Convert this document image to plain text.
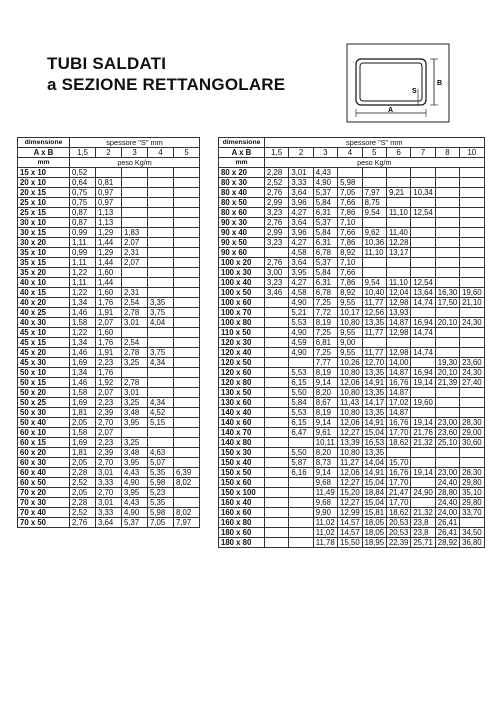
TUBI SALDATI
a SEZIONE RETTANGOLARE	S
B
A
dimensione	spessore "S" mm				
A x B	1,5	2	3	4	5
mm	peso Kg/m				
15 x 10	0,52				
20 x 10	0,64	0,81			
20 x 15	0,75	0,97			
25 x 10	0,75	0,97			
25 x 15	0,87	1,13			
30 x 10	0,87	1,13			
30 x 15	0,99	1,29	1,83		
30 x 20	1,11	1,44	2,07		
35 x 10	0,99	1,29	2,31		
35 x 15	1,11	1,44	2,07		
35 x 20	1,22	1,60			
40 x 10	1,11	1,44			
40 x 15	1,22	1,60	2,31		
40 x 20	1,34	1,76	2,54	3,35	
40 x 25	1,46	1,91	2,78	3,75	
40 x 30	1,58	2,07	3,01	4,04	
45 x 10	1,22	1,60			
45 x 15	1,34	1,76	2,54		
45 x 20	1,46	1,91	2,78	3,75	
45 x 30	1,69	2,23	3,25	4,34	
50 x 10	1,34	1,76			
50 x 15	1,46	1,92	2,78		
50 x 20	1,58	2,07	3,01		
50 x 25	1,69	2,23	3,25	4,34	
50 x 30	1,81	2,39	3,48	4,52	
50 x 40	2,05	2,70	3,95	5,15	
60 x 10	1,58	2,07			
60 x 15	1,69	2,23	3,25		
60 x 20	1,81	2,39	3,48	4,63	
60 x 30	2,05	2,70	3,95	5,07	
60 x 40	2,28	3,01	4,43	5,35	6,39
60 x 50	2,52	3,33	4,90	5,98	8,02
70 x 20	2,05	2,70	3,95	5,23	
70 x 30	2,28	3,01	4,43	5,35	
70 x 40	2,52	3,33	4,90	5,98	8,02
70 x 50	2,76	3,64	5,37	7,05	7,97
dimensione	spessore "S" mm								
A x B	1,5	2	3	4	5	6	7	8	10
mm	peso Kg/m								
80 x 20	2,28	3,01	4,43						
80 x 30	2,52	3,33	4,90	5,98					
80 x 40	2,76	3,64	5,37	7,05	7,97	9,21	10,34		
80 x 50	2,99	3,96	5,84	7,66	8,75				
80 x 60	3,23	4,27	6,31	7,86	9,54	11,10	12,54		
90 x 30	2,76	3,64	5,37	7,10					
90 x 40	2,99	3,96	5,84	7,66	9,62	11,40			
90 x 50	3,23	4,27	6,31	7,86	10,36	12,28			
90 x 60		4,58	6,78	8,92	11,10	13,17			
100 x 20	2,76	3,64	5,37	7,10					
100 x 30	3,00	3,95	5,84	7,66					
100 x 40	3,23	4,27	6,31	7,86	9,54	11,10	12,54		
100 x 50	3,46	4,58	6,78	8,92	10,40	12,04	13,64	16,30	19,60
100 x 60		4,90	7,25	9,55	11,77	12,98	14,74	17,50	21,10
100 x 70		5,21	7,72	10,17	12,56	13,93			
100 x 80		5,53	8,19	10,80	13,35	14,87	16,94	20,10	24,30
110 x 50		4,90	7,25	9,55	11,77	12,98	14,74		
120 x 30		4,59	6,81	9,00					
120 x 40		4,90	7,25	9,55	11,77	12,98	14,74		
120 x 50			7,77	10,26	12,70	14,00		19,30	23,60
120 x 60		5,53	8,19	10,80	13,35	14,87	16,94	20,10	24,30
120 x 80		6,15	9,14	12,06	14,91	16,76	19,14	21,39	27,40
130 x 50		5,50	8,20	10,80	13,35	14,87			
130 x 60		5,84	8,67	11,43	14,17	17,02	19,60		
140 x 40		5,53	8,19	10,80	13,35	14,87			
140 x 60		6,15	9,14	12,06	14,91	16,76	19,14	23,00	28,30
140 x 70		6,47	9,61	12,27	15,04	17,70	21,76	23,60	29,00
140 x 80			10,11	13,39	16,53	18,62	21,32	25,10	30,60
150 x 30		5,50	8,20	10,80	13,35				
150 x 40		5,87	8,73	11,27	14,04	15,70			
150 x 50		6,16	9,14	12,06	14,91	16,76	19,14	23,00	28,30
150 x 60			9,68	12,27	15,04	17,70		24,40	29,80
150 x 100			11,49	15,20	18,84	21,47	24,90	28,80	35,10
160 x 40			9,68	12,27	15,04	17,70		24,40	29,80
160 x 60			9,90	12,99	15,81	18,62	21,32	24,00	33,70
160 x 80			11,02	14,57	18,05	20,53	23,8	26,41	
180 x 60			11,02	14,57	18,05	20,53	23,8	26,41	34,50
180 x 80			11,78	15,50	18,95	22,39	25,71	28,92	36,80
